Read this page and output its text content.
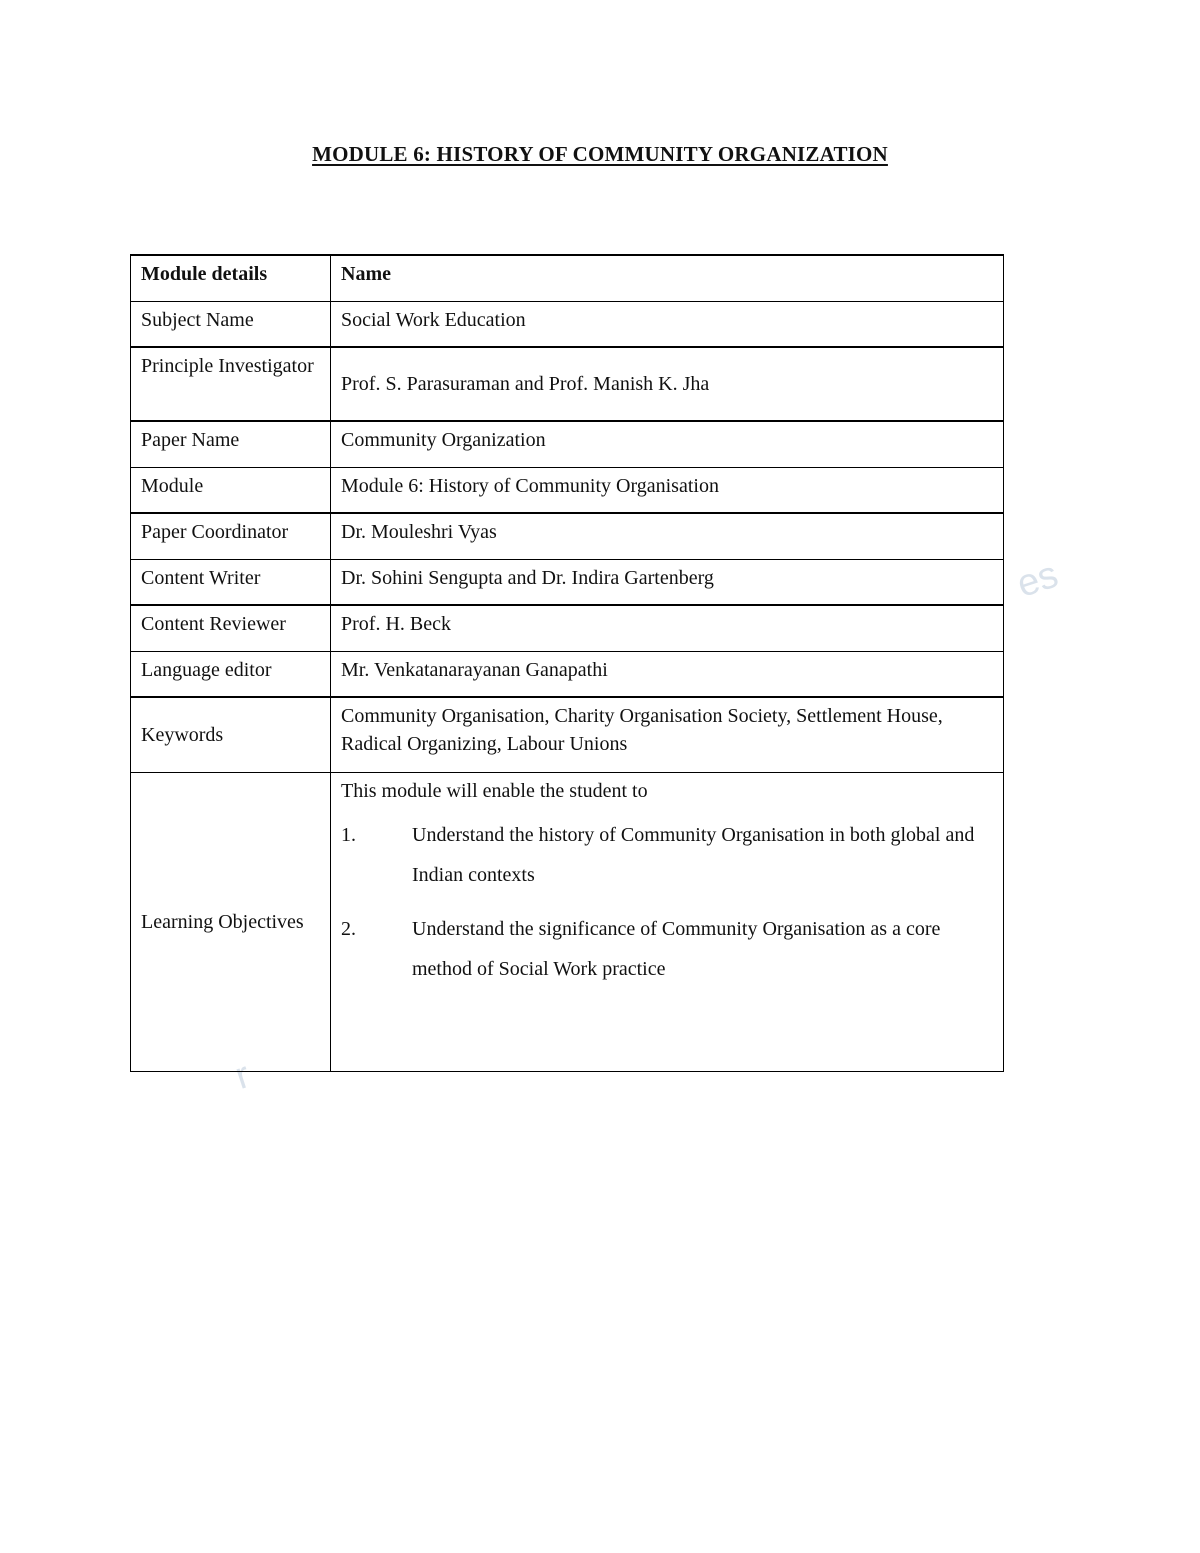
es
r
MODULE 6: HISTORY OF COMMUNITY ORGANIZATION
Module details	Name
Subject Name	Social Work Education
Principle Investigator	Prof. S. Parasuraman and Prof. Manish K. Jha
Paper Name	Community Organization
Module	Module 6: History of Community Organisation
Paper Coordinator	Dr. Mouleshri Vyas
Content Writer	Dr. Sohini Sengupta and Dr. Indira Gartenberg
Content Reviewer	Prof. H. Beck
Language editor	Mr. Venkatanarayanan Ganapathi
Keywords	Community Organisation, Charity Organisation Society, Settlement House, Radical Organizing, Labour Unions
Learning Objectives	This module will enable the student to

1. Understand the history of Community Organisation in both global and Indian contexts
2. Understand the significance of Community Organisation as a core method of Social Work practice
